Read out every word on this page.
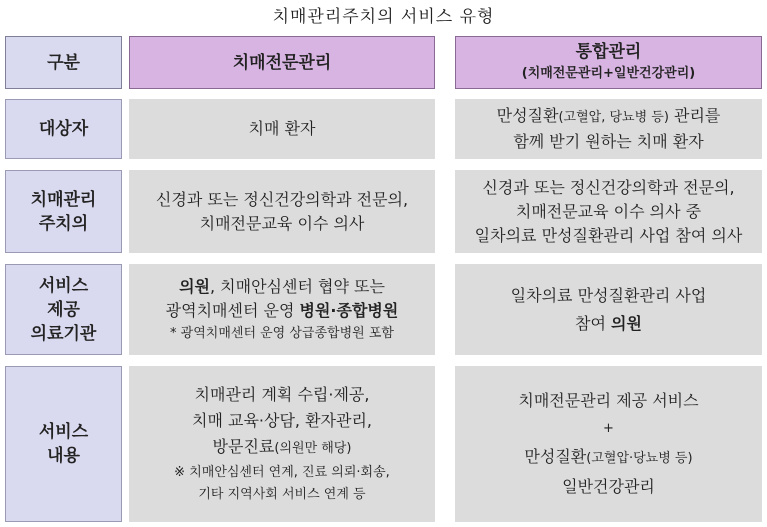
치매관리주치의 서비스 유형
구분	치매전문관리
통합관리
(치매전문관리+일반건강관리)
대상자	치매 환자
만성질환(고혈압, 당뇨병 등) 관리를
함께 받기 원하는 치매 환자
치매관리
주치의
신경과 또는 정신건강의학과 전문의,
치매전문교육 이수 의사
신경과 또는 정신건강의학과 전문의,
치매전문교육 이수 의사 중
일차의료 만성질환관리 사업 참여 의사
서비스
제공
의료기관
의원, 치매안심센터 협약 또는
광역치매센터 운영 병원·종합병원
* 광역치매센터 운영 상급종합병원 포함
일차의료 만성질환관리 사업
참여 의원
서비스
내용
치매관리 계획 수립·제공,
치매 교육·상담, 환자관리,
방문진료(의원만 해당)
※ 치매안심센터 연계, 진료 의뢰·회송,
기타 지역사회 서비스 연계 등
치매전문관리 제공 서비스
+
만성질환(고혈압·당뇨병 등)
일반건강관리
